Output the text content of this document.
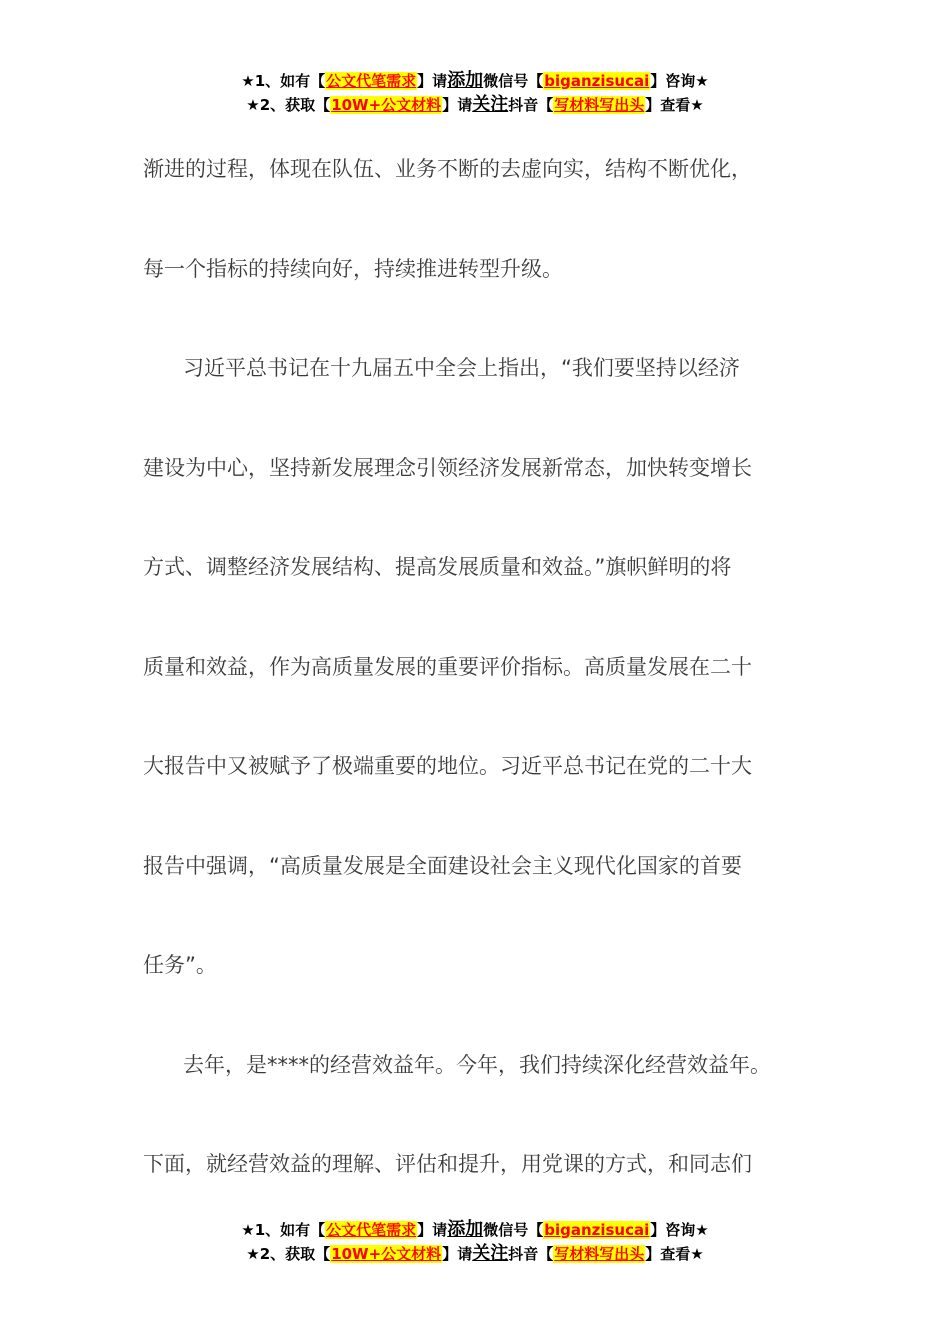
★1、如有【公文代笔需求】请添加微信号【biganzisucai】咨询★
★2、获取【10W+公文材料】请关注抖音【写材料写出头】查看★
渐进的过程，体现在队伍、业务不断的去虚向实，结构不断优化，
每一个指标的持续向好，持续推进转型升级。
习近平总书记在十九届五中全会上指出，“我们要坚持以经济
建设为中心，坚持新发展理念引领经济发展新常态，加快转变增长
方式、调整经济发展结构、提高发展质量和效益。”旗帜鲜明的将
质量和效益，作为高质量发展的重要评价指标。高质量发展在二十
大报告中又被赋予了极端重要的地位。习近平总书记在党的二十大
报告中强调，“高质量发展是全面建设社会主义现代化国家的首要
任务”。
去年，是****的经营效益年。今年，我们持续深化经营效益年。
下面，就经营效益的理解、评估和提升，用党课的方式，和同志们
★1、如有【公文代笔需求】请添加微信号【biganzisucai】咨询★
★2、获取【10W+公文材料】请关注抖音【写材料写出头】查看★
